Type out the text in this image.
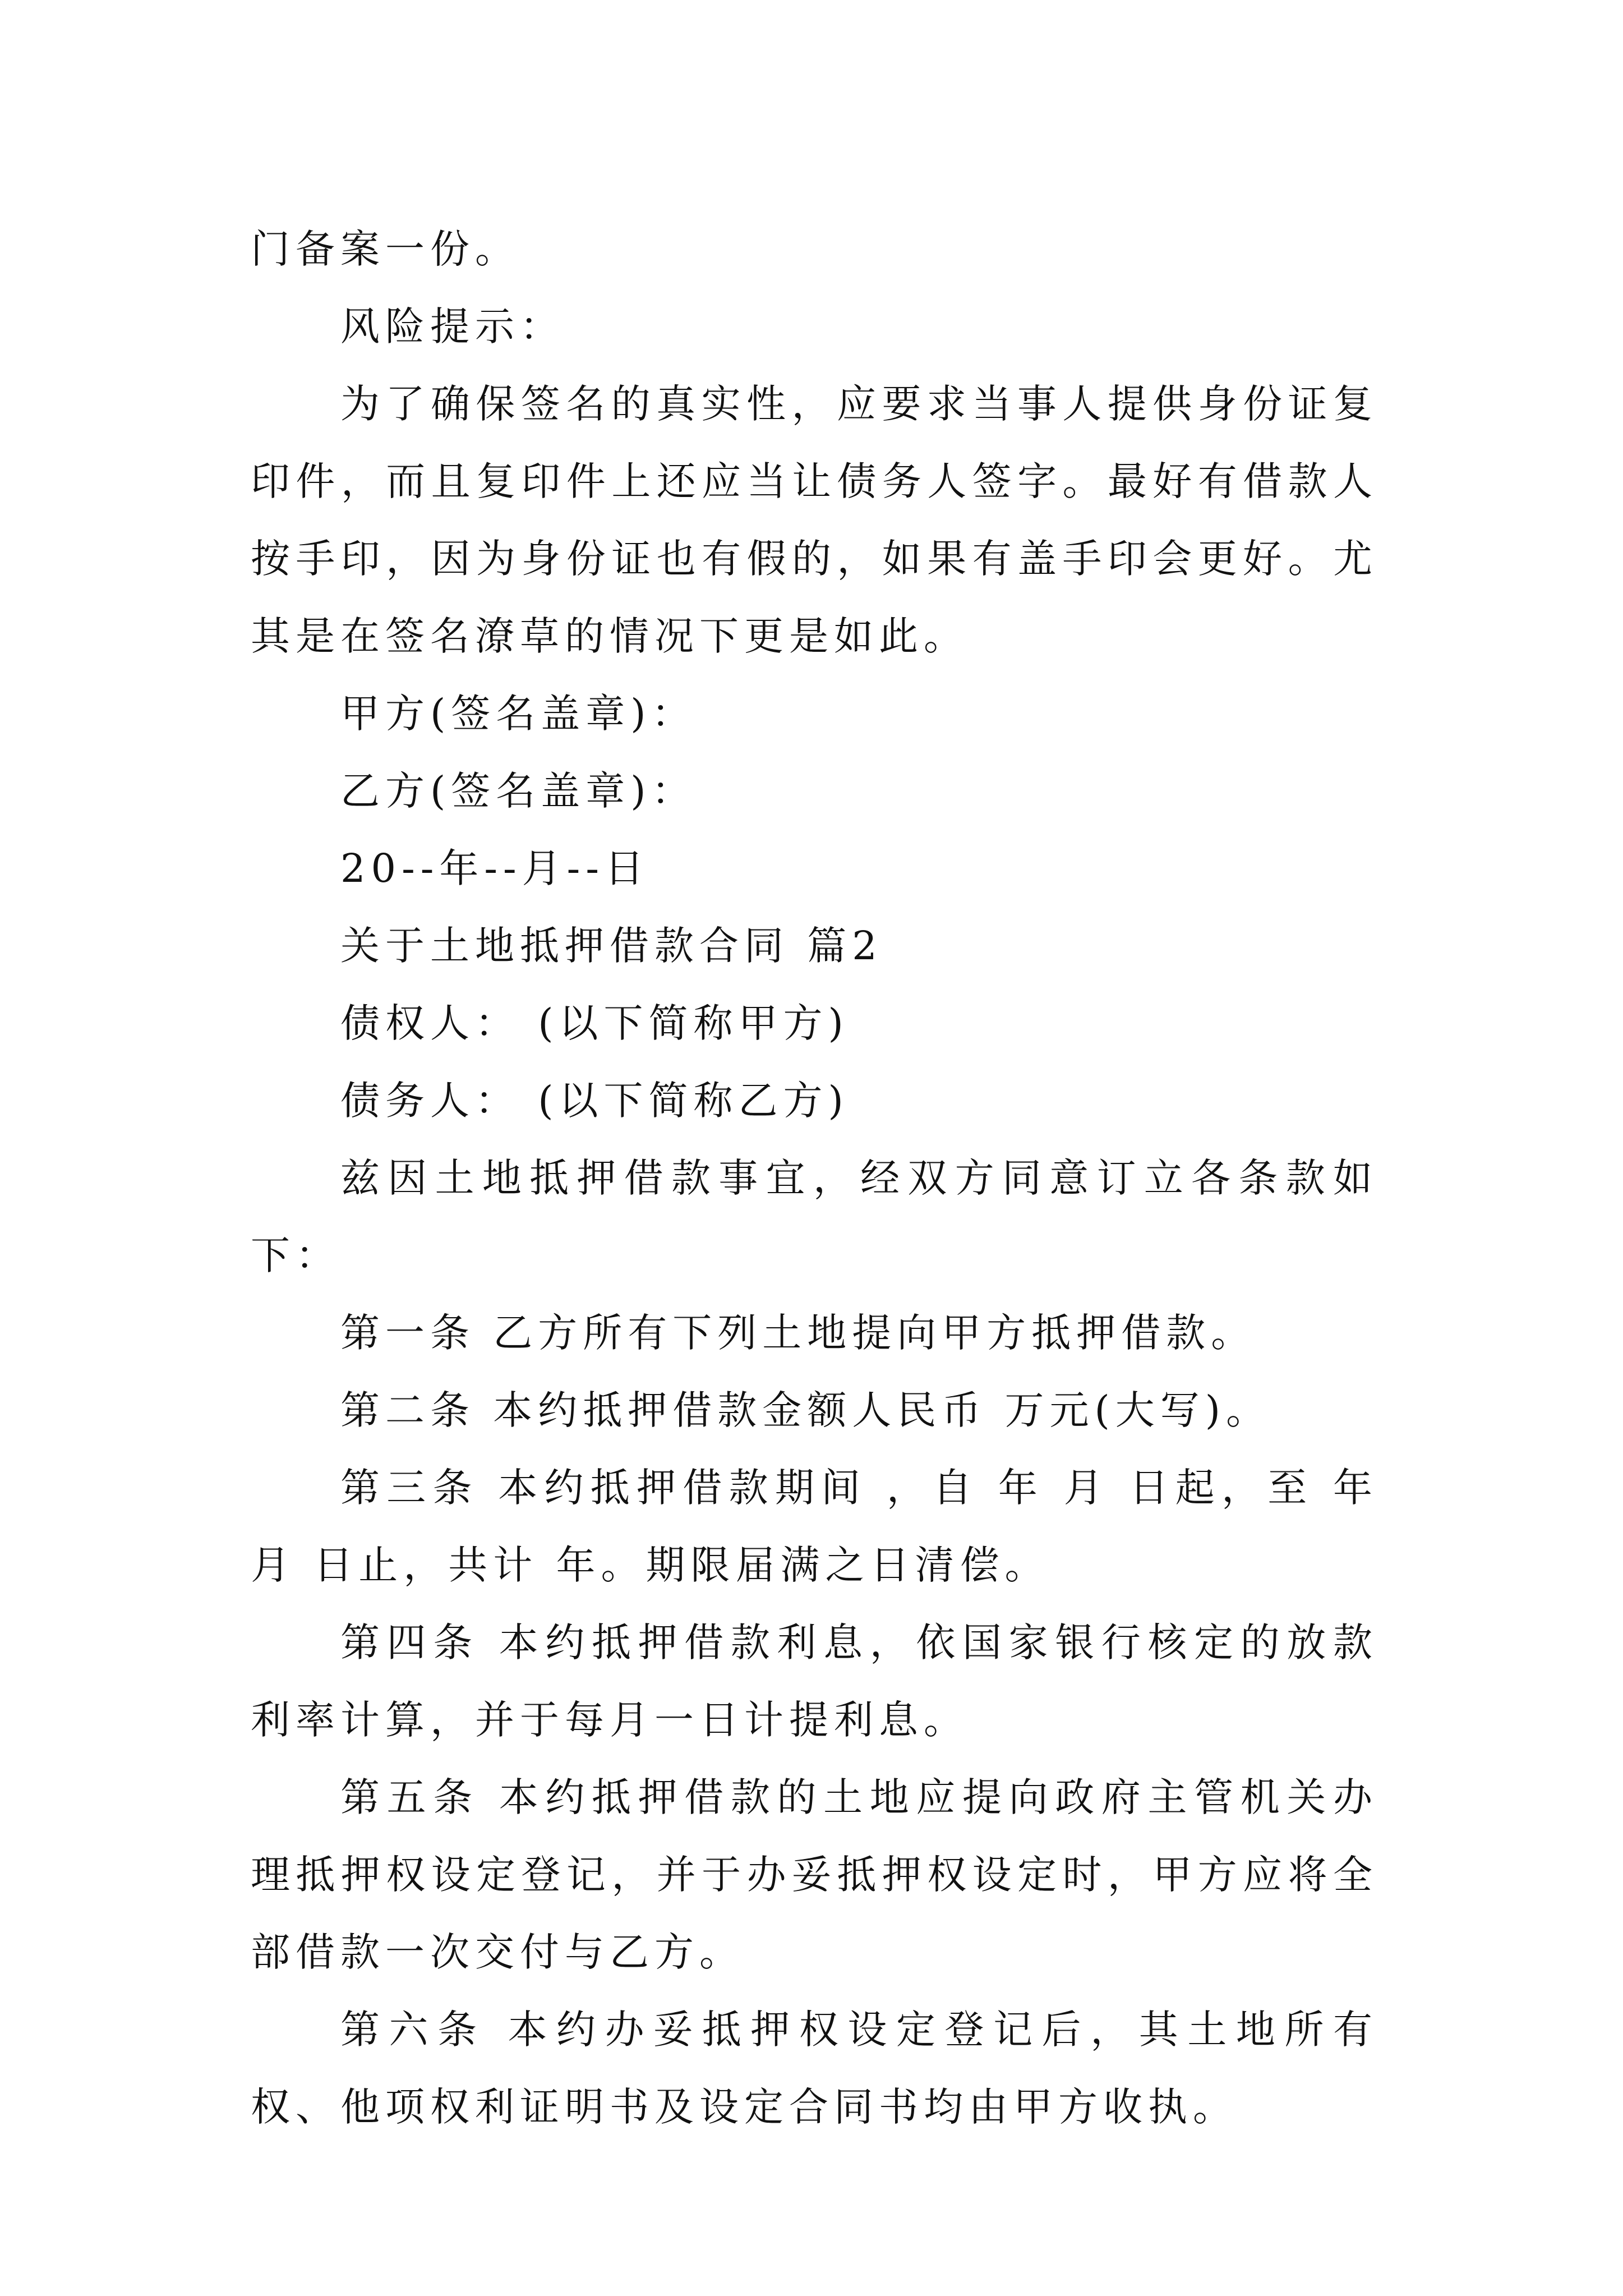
门备案一份。

风险提示：

为了确保签名的真实性，应要求当事人提供身份证复印件，而且复印件上还应当让债务人签字。最好有借款人按手印，因为身份证也有假的，如果有盖手印会更好。尤其是在签名潦草的情况下更是如此。

甲方(签名盖章)：

乙方(签名盖章)：

20--年--月--日

关于土地抵押借款合同 篇2

债权人： (以下简称甲方)

债务人： (以下简称乙方)

兹因土地抵押借款事宜，经双方同意订立各条款如下：

第一条 乙方所有下列土地提向甲方抵押借款。

第二条 本约抵押借款金额人民币 万元(大写)。

第三条 本约抵押借款期间 ，自 年 月 日起，至 年 月 日止，共计 年。期限届满之日清偿。

第四条 本约抵押借款利息，依国家银行核定的放款利率计算，并于每月一日计提利息。

第五条 本约抵押借款的土地应提向政府主管机关办理抵押权设定登记，并于办妥抵押权设定时，甲方应将全部借款一次交付与乙方。

第六条 本约办妥抵押权设定登记后，其土地所有权、他项权利证明书及设定合同书均由甲方收执。
